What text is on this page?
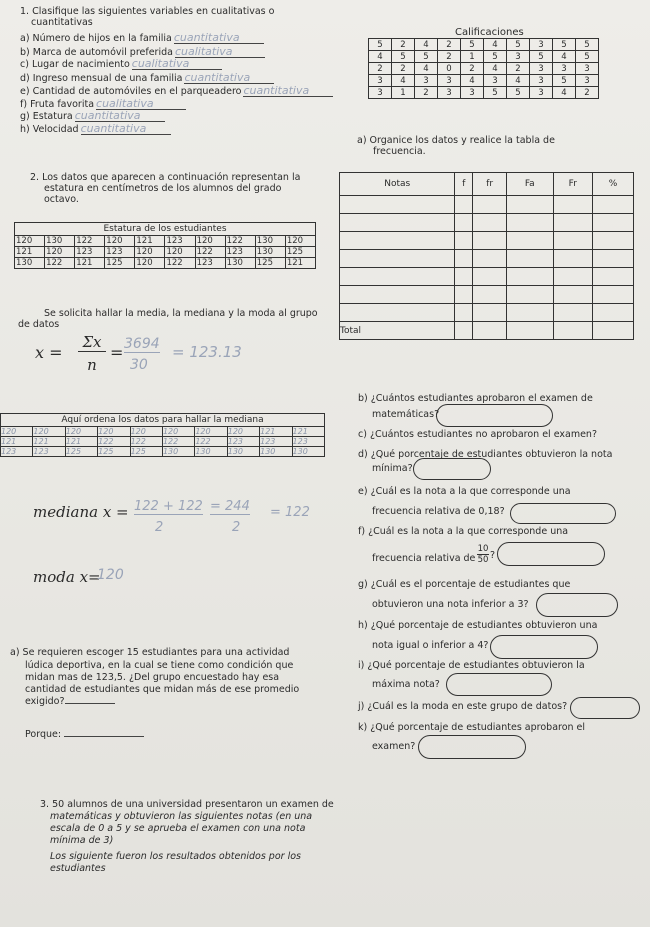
1. Clasifique las siguientes variables en cualitativas o
cuantitativas
a) Número de hijos en la familia cuantitativa
b) Marca de automóvil preferida cualitativa
c) Lugar de nacimiento cualitativa
d) Ingreso mensual de una familia cuantitativa
e) Cantidad de automóviles en el parqueadero cuantitativa
f) Fruta favorita cualitativa
g) Estatura cuantitativa
h) Velocidad cuantitativa
Calificaciones
5	2	4	2	5	4	5	3	5	5
4	5	5	2	1	5	3	5	4	5
2	2	4	0	2	4	2	3	3	3
3	4	3	3	4	3	4	3	5	3
3	1	2	3	3	5	5	3	4	2
a) Organice los datos y realice la tabla de
frecuencia.
Notas	f	fr	Fa	Fr	%

Total					
2. Los datos que aparecen a continuación representan la
estatura en centímetros de los alumnos del grado
octavo.
Estatura de los estudiantes									
120	130	122	120	121	123	120	122	130	120
121	120	123	123	120	120	122	123	130	125
130	122	121	125	120	122	123	130	125	121
Se solicita hallar la media, la mediana y la moda al grupo
de datos
x =
Σx
n
= 3694
30
= 123.13
Aquí ordena los datos para hallar la mediana									
120	120	120	120	120	120	120	120	121	121
121	121	121	122	122	122	122	123	123	123
123	123	125	125	125	130	130	130	130	130
mediana x = 122 + 122
2
= 244
2
= 122
moda x=
120
a) Se requieren escoger 15 estudiantes para una actividad
lúdica deportiva, en la cual se tiene como condición que
midan mas de 123,5. ¿Del grupo encuestado hay esa
cantidad de estudiantes que midan más de ese promedio
exigido?
Porque:
3. 50 alumnos de una universidad presentaron un examen de
matemáticas y obtuvieron las siguientes notas (en una
escala de 0 a 5 y se aprueba el examen con una nota
mínima de 3)
Los siguiente fueron los resultados obtenidos por los
estudiantes
b) ¿Cuántos estudiantes aprobaron el examen de
matemáticas?
c) ¿Cuántos estudiantes no aprobaron el examen?
d) ¿Qué porcentaje de estudiantes obtuvieron la nota
mínima?
e) ¿Cuál es la nota a la que corresponde una
frecuencia relativa de 0,18?
f) ¿Cuál es la nota a la que corresponde una
frecuencia relativa de
10
50 ?
g) ¿Cuál es el porcentaje de estudiantes que
obtuvieron una nota inferior a 3?
h) ¿Qué porcentaje de estudiantes obtuvieron una
nota igual o inferior a 4?
i) ¿Qué porcentaje de estudiantes obtuvieron la
máxima nota?
j) ¿Cuál es la moda en este grupo de datos?
k) ¿Qué porcentaje de estudiantes aprobaron el
examen?
